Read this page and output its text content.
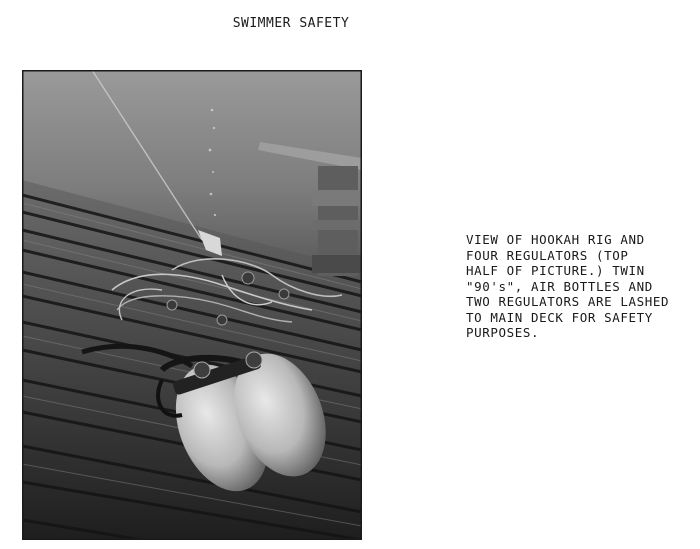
SWIMMER SAFETY
VIEW OF HOOKAH RIG AND
FOUR REGULATORS (TOP
HALF OF PICTURE.) TWIN
"90's", AIR BOTTLES AND
TWO REGULATORS ARE LASHED
TO MAIN DECK FOR SAFETY
PURPOSES.
